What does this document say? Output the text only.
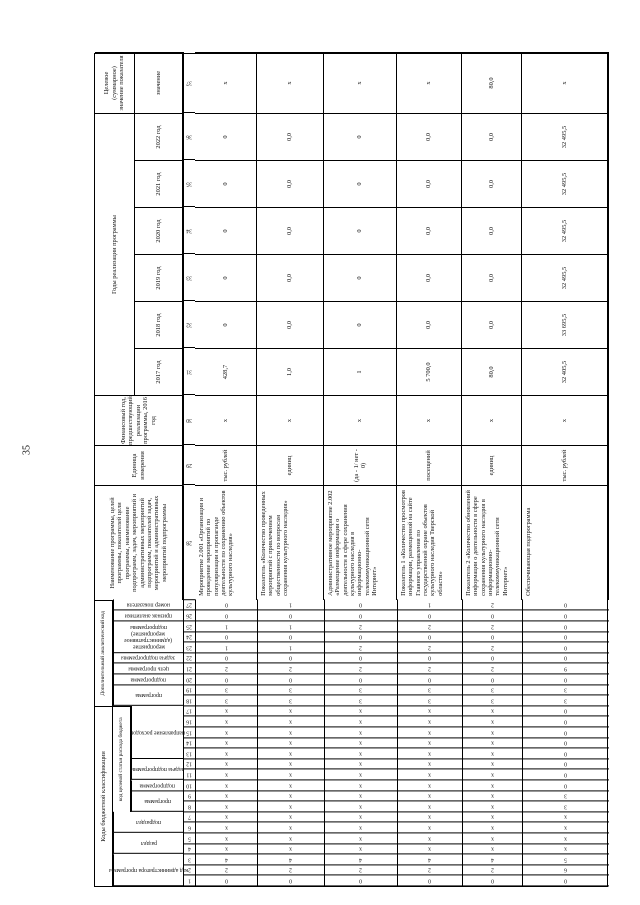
35
Коды бюджетной классификации
Дополнительный аналитический код
код администратора программы
раздел
подраздел
код целевой статьи расхода бюджета	программа
подпрограмма
задача подпрограммы
направление расходов
программа
подпрограмма
цель программы
задача подпрограммы
мероприятие (административное мероприятие) подпрограммы
признак аналитики
номер показателя
Наименование программы, целей программы, показателей цели программы, наименование подпрограмм, задач, мероприятий и административных мероприятий подпрограмм, показателей задач, мероприятий и административных мероприятий подпрограммы
Единица измерения
Финансовый год, предшествующий реализации программы, 2016 год
Годы реализации программы
2017 год
2018 год
2019 год
2020 год
2021 год
2022 год
Целевое (суммарное) значение показателя	значение
1
2
3
4
5
6
7
8
9
10
11
12
13
14
15
16
17
18
19
20
21
22
23
24
25
26
27
28
29
30
31
32
33
34
35
36
37
0
2
4
х
х
х
х
х
х
х
х
х
х
х
х
х
х
3
3
0
2
0
1
0
1
0
0
Мероприятие 2.001 «Организация и проведение мероприятий по популяризации и пропаганде деятельности по сохранению объектов культурного наследия»
тыс. рублей
х
428,7
0
0
0
0
0
х
0
2
4
х
х
х
х
х
х
х
х
х
х
х
х
х
х
3
3
0
2
0
1
0
1
0
1
Показатель «Количество проведенных мероприятий с привлечением общественности по вопросам сохранения культурного наследия»
единиц
х
1,0
0,0
0,0
0,0
0,0
0,0
х
0
2
4
х
х
х
х
х
х
х
х
х
х
х
х
х
х
3
3
0
2
0
2
0
2
0
0
Административное мероприятие 2.002 «Размещение информации о деятельности в сфере сохранения культурного наследия в информационно-телекоммуникационной сети Интернет»
(да - 1/ нет - 0)
х
1
0
0
0
0
0
х
0
2
4
х
х
х
х
х
х
х
х
х
х
х
х
х
х
3
3
0
2
0
2
0
2
0
1
Показатель 1 «Количество просмотров информации, размещенной на сайте Главного управления по государственной охране объектов культурного наследия Тверской области»
посещений
х
5 700,0
0,0
0,0
0,0
0,0
0,0
х
0
2
4
х
х
х
х
х
х
х
х
х
х
х
х
х
х
3
3
0
2
0
2
0
2
0
2
Показатель 2 «Количество обновлений информации о деятельности в сфере сохранения культурного наследия в информационно-телекоммуникационной сети Интернет»
единиц
х
80,0
0,0
0,0
0,0
0,0
0,0
80,0
0
6
5
х
х
х
х
3
3
0
0
0
0
0
0
0
0
3
3
0
9
0
0
0
0
0
0
Обеспечивающая подпрограмма
тыс. рублей
х
32 405,5
33 695,5
32 495,5
32 495,5
32 495,5
32 495,5
х
